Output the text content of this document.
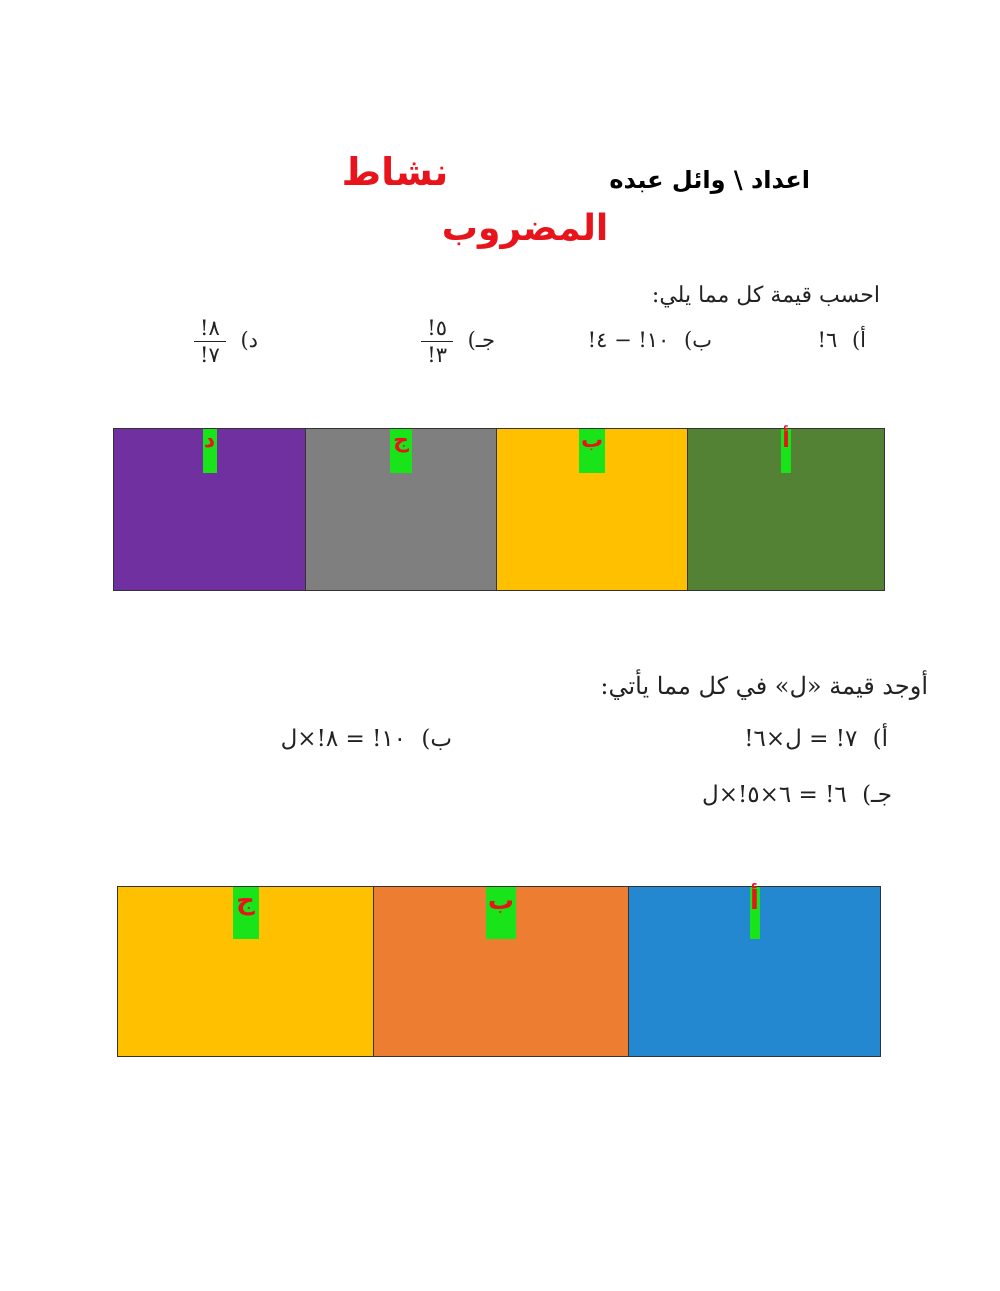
اعداد \ وائل عبده
نشاط
المضروب
احسب قيمة كل مما يلي:
أ) ٦!
ب) ١٠! − ٤!
جـ)
$\frac{٥!}{٣!}$
د)
$\frac{٨!}{٧!}$
د	ج	ب	أ
أوجد قيمة «ل» في كل مما يأتي:
أ) ٧! = ل×٦!
ب) ١٠! = ٨!×ل
جـ) ٦! = ٦×٥!×ل
ج	ب	أ
